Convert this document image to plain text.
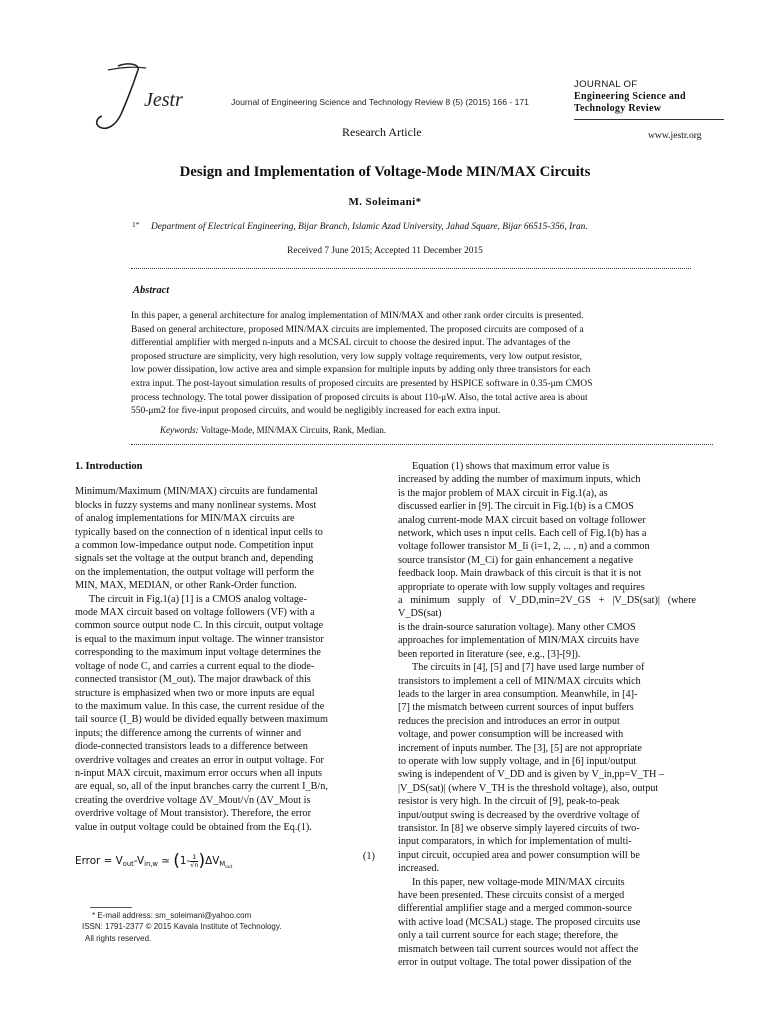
Jestr	Journal of Engineering Science and Technology Review 8 (5) (2015) 166 - 171
JOURNAL OF
Engineering Science and
Technology Review
www.jestr.org
Research Article
Design and Implementation of Voltage-Mode MIN/MAX Circuits
M. Soleimani*
1* Department of Electrical Engineering, Bijar Branch, Islamic Azad University, Jahad Square, Bijar 66515-356, Iran.
Received 7 June 2015; Accepted 11 December 2015
Abstract
In this paper, a general architecture for analog implementation of MIN/MAX and other rank order circuits is presented.
Based on general architecture, proposed MIN/MAX circuits are implemented. The proposed circuits are composed of a
differential amplifier with merged n-inputs and a MCSAL circuit to choose the desired input. The advantages of the
proposed structure are simplicity, very high resolution, very low supply voltage requirements, very low output resistor,
low power dissipation, low active area and simple expansion for multiple inputs by adding only three transistors for each
extra input. The post-layout simulation results of proposed circuits are presented by HSPICE software in 0.35-μm CMOS
process technology. The total power dissipation of proposed circuits is about 110-μW. Also, the total active area is about
550-μm2 for five-input proposed circuits, and would be negligibly increased for each extra input.
Keywords: Voltage-Mode, MIN/MAX Circuits, Rank, Median.

1. Introduction

Minimum/Maximum (MIN/MAX) circuits are fundamental

blocks in fuzzy systems and many nonlinear systems. Most

of analog implementations for MIN/MAX circuits are

typically based on the connection of n identical input cells to

a common low-impedance output node. Competition input

signals set the voltage at the output branch and, depending

on the implementation, the output voltage will perform the

MIN, MAX, MEDIAN, or other Rank-Order function.

The circuit in Fig.1(a) [1] is a CMOS analog voltage-

mode MAX circuit based on voltage followers (VF) with a

common source output node C. In this circuit, output voltage

is equal to the maximum input voltage. The winner transistor

corresponding to the maximum input voltage determines the

voltage of node C, and carries a current equal to the diode-

connected transistor (M_out). The major drawback of this

structure is emphasized when two or more inputs are equal

to the maximum value. In this case, the current residue of the

tail source (I_B) would be divided equally between maximum

inputs; the difference among the currents of winner and

diode-connected transistors leads to a difference between

overdrive voltages and creates an error in output voltage. For

n-input MAX circuit, maximum error occurs when all inputs

are equal, so, all of the input branches carry the current I_B/n,

creating the overdrive voltage ΔV_Mout/√n (ΔV_Mout is

overdrive voltage of Mout transistor). Therefore, the error

value in output voltage could be obtained from the Eq.(1).

Error = $V_{out}-V_{in,w}$ ≃ $(1- \frac{1}{√n})\Delta V_{M_{out}}$
(1)
* E-mail address: sm_soleimani@yahoo.com
ISSN: 1791-2377 © 2015 Kavala Institute of Technology.
All rights reserved.

Equation (1) shows that maximum error value is

increased by adding the number of maximum inputs, which

is the major problem of MAX circuit in Fig.1(a), as

discussed earlier in [9]. The circuit in Fig.1(b) is a CMOS

analog current-mode MAX circuit based on voltage follower

network, which uses n input cells. Each cell of Fig.1(b) has a

voltage follower transistor M_Ii (i=1, 2, ... , n) and a common

source transistor (M_Ci) for gain enhancement a negative

feedback loop. Main drawback of this circuit is that it is not

appropriate to operate with low supply voltages and requires

a minimum supply of V_DD,min=2V_GS + |V_DS(sat)| (where V_DS(sat)

is the drain-source saturation voltage). Many other CMOS

approaches for implementation of MIN/MAX circuits have

been reported in literature (see, e.g., [3]-[9]).

The circuits in [4], [5] and [7] have used large number of

transistors to implement a cell of MIN/MAX circuits which

leads to the larger in area consumption. Meanwhile, in [4]-

[7] the mismatch between current sources of input buffers

reduces the precision and introduces an error in output

voltage, and power consumption will be increased with

increment of inputs number. The [3], [5] are not appropriate

to operate with low supply voltage, and in [6] input/output

swing is independent of V_DD and is given by V_in,pp=V_TH –

|V_DS(sat)| (where V_TH is the threshold voltage), also, output

resistor is very high. In the circuit of [9], peak-to-peak

input/output swing is decreased by the overdrive voltage of

transistor. In [8] we observe simply layered circuits of two-

input comparators, in which for implementation of multi-

input circuit, occupied area and power consumption will be

increased.

In this paper, new voltage-mode MIN/MAX circuits

have been presented. These circuits consist of a merged

differential amplifier stage and a merged common-source

with active load (MCSAL) stage. The proposed circuits use

only a tail current source for each stage; therefore, the

mismatch between tail current sources would not affect the

error in output voltage. The total power dissipation of the
